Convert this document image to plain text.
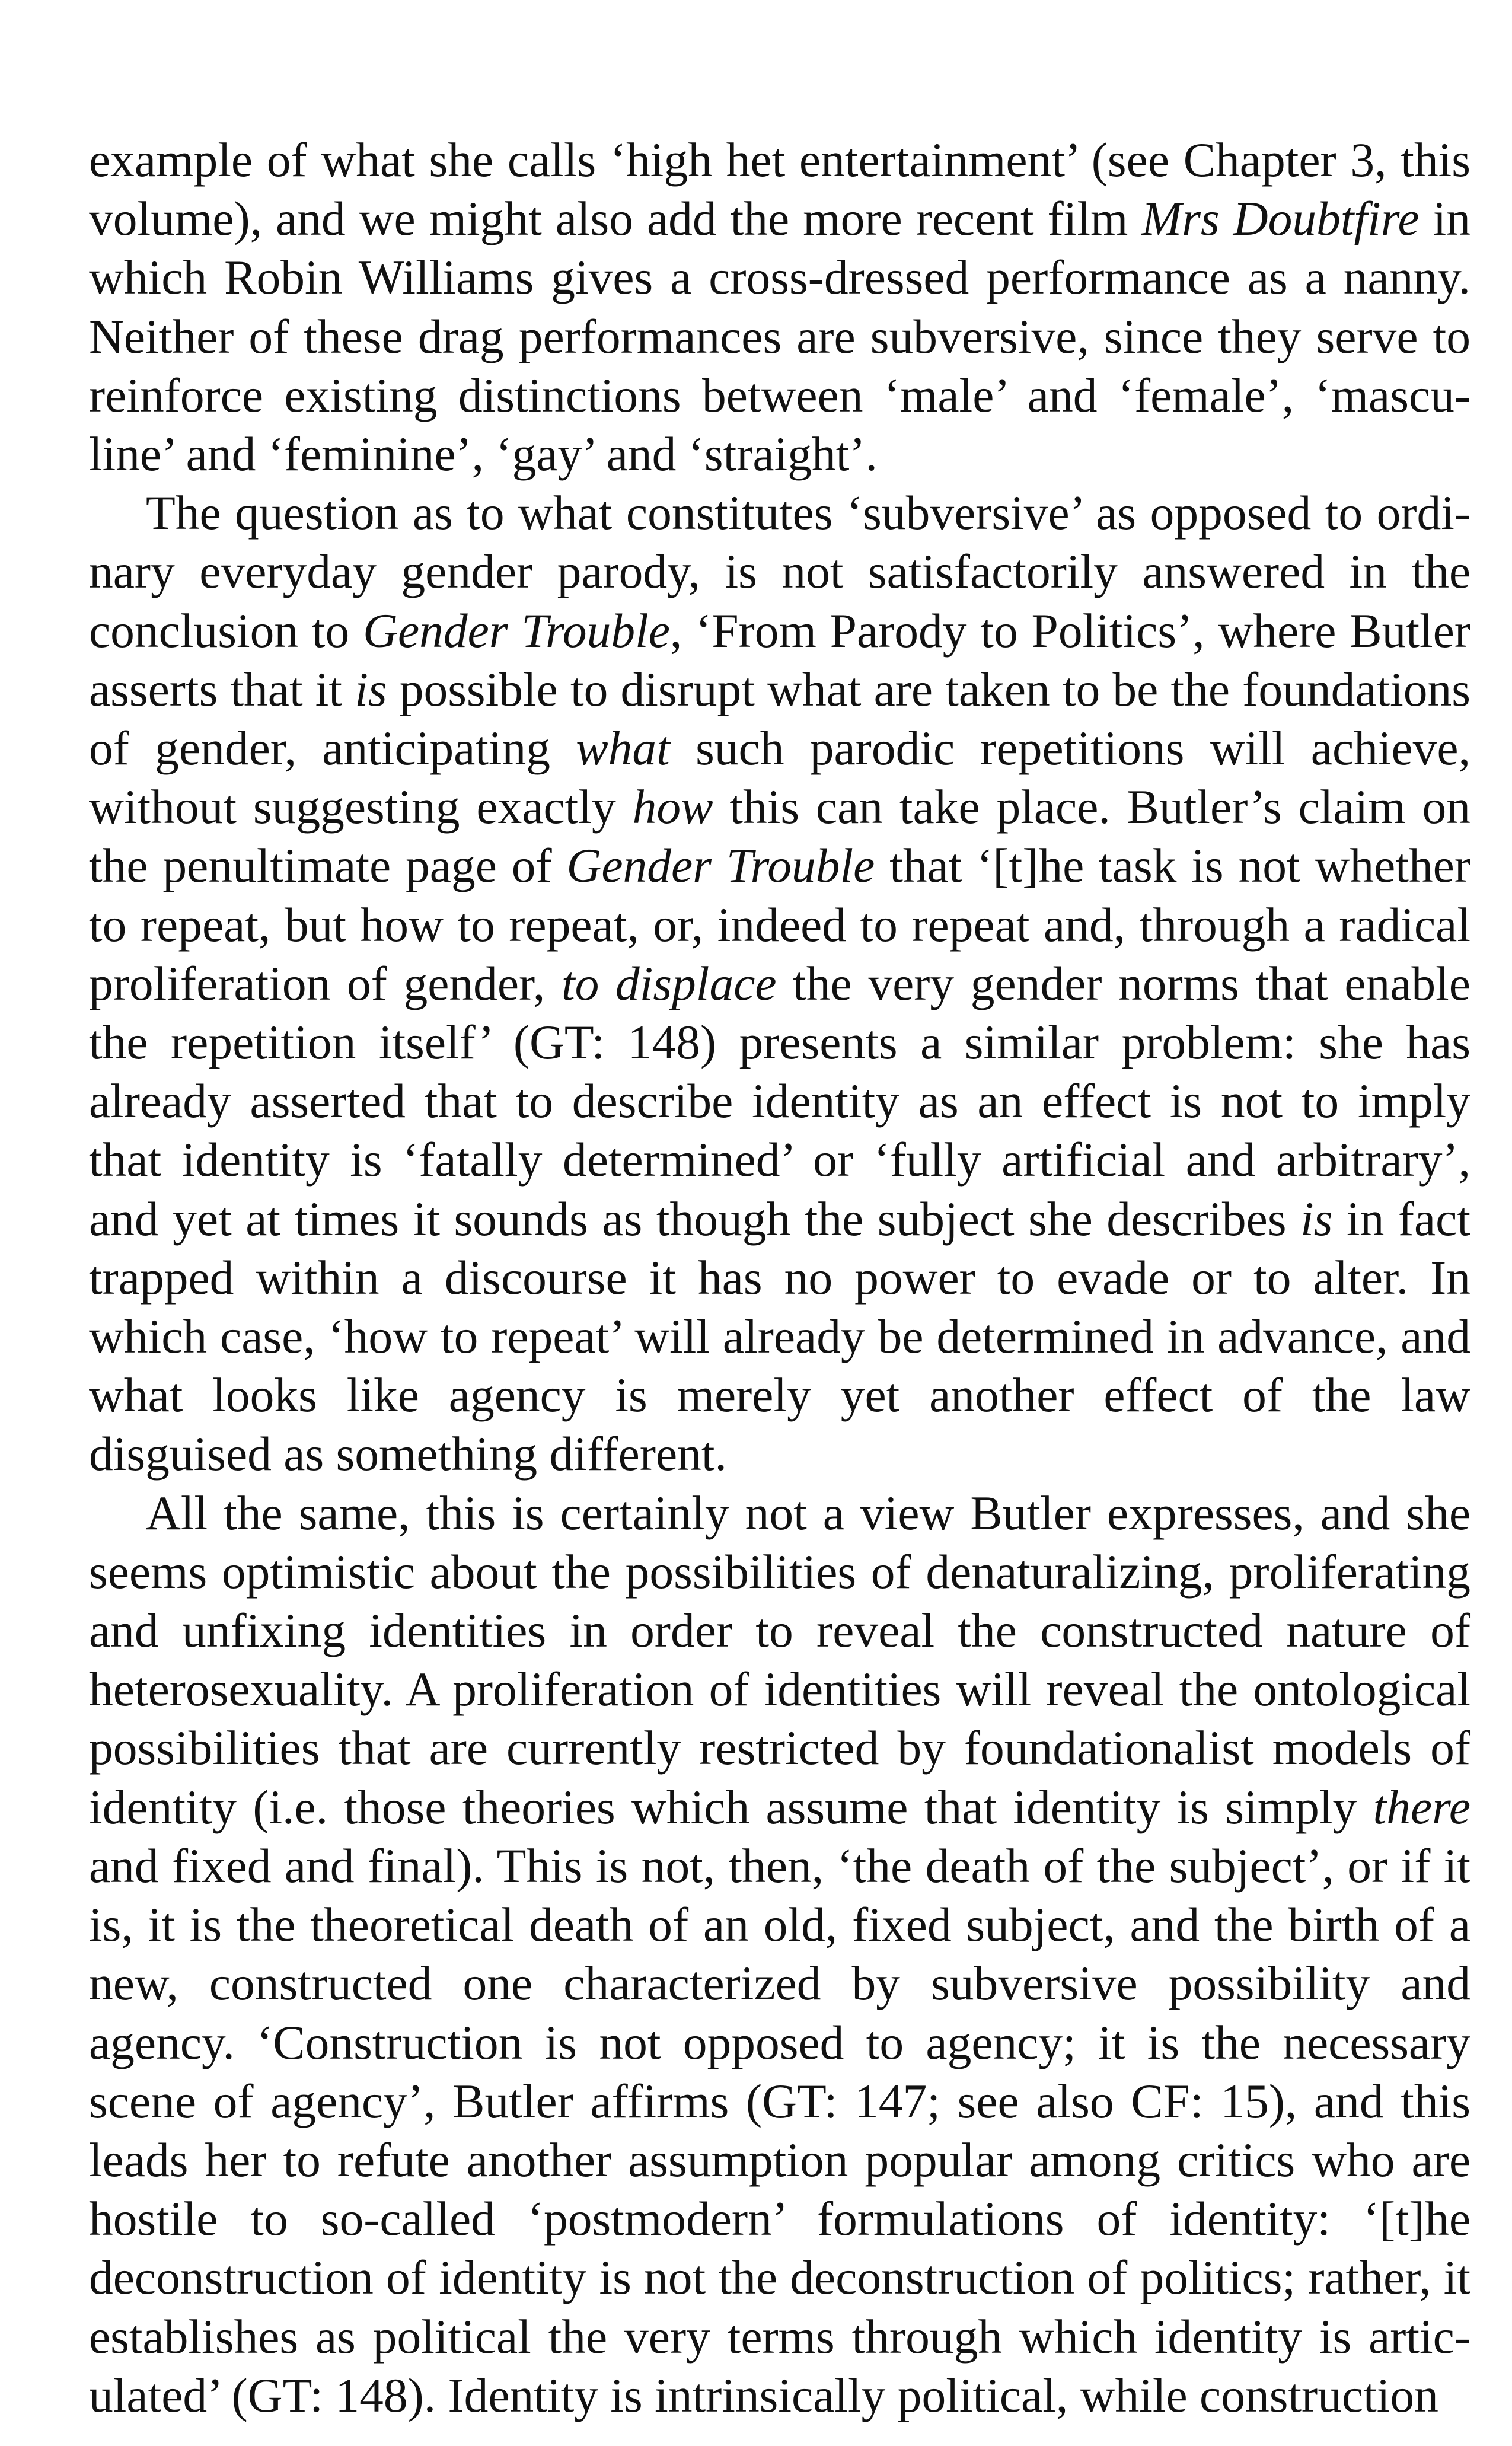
example of what she calls ‘high het entertainment’ (see Chapter 3, this volume), and we might also add the more recent film Mrs Doubtfire in which Robin Williams gives a cross-dressed performance as a nanny. Neither of these drag performances are subversive, since they serve to reinforce existing distinctions between ‘male’ and ‘female’, ‘masculine’ and ‘feminine’, ‘gay’ and ‘straight’.

The question as to what constitutes ‘subversive’ as opposed to ordinary everyday gender parody, is not satisfactorily answered in the conclusion to Gender Trouble, ‘From Parody to Politics’, where Butler asserts that it is possible to disrupt what are taken to be the foundations of gender, anticipating what such parodic repetitions will achieve, without suggesting exactly how this can take place. Butler’s claim on the penultimate page of Gender Trouble that ‘[t]he task is not whether to repeat, but how to repeat, or, indeed to repeat and, through a radical proliferation of gender, to displace the very gender norms that enable the repetition itself’ (GT: 148) presents a similar problem: she has already asserted that to describe identity as an effect is not to imply that identity is ‘fatally determined’ or ‘fully artificial and arbitrary’, and yet at times it sounds as though the subject she describes is in fact trapped within a discourse it has no power to evade or to alter. In which case, ‘how to repeat’ will already be determined in advance, and what looks like agency is merely yet another effect of the law disguised as something different.

All the same, this is certainly not a view Butler expresses, and she seems optimistic about the possibilities of denaturalizing, proliferating and unfixing identities in order to reveal the constructed nature of heterosexuality. A proliferation of identities will reveal the ontological possibilities that are currently restricted by foundationalist models of identity (i.e. those theories which assume that identity is simply there and fixed and final). This is not, then, ‘the death of the subject’, or if it is, it is the theoretical death of an old, fixed subject, and the birth of a new, constructed one characterized by subversive possibility and agency. ‘Construction is not opposed to agency; it is the necessary scene of agency’, Butler affirms (GT: 147; see also CF: 15), and this leads her to refute another assumption popular among critics who are hostile to so-called ‘postmodern’ formulations of identity: ‘[t]he deconstruction of identity is not the deconstruction of politics; rather, it establishes as political the very terms through which identity is articulated’ (GT: 148). Identity is intrinsically political, while construction
